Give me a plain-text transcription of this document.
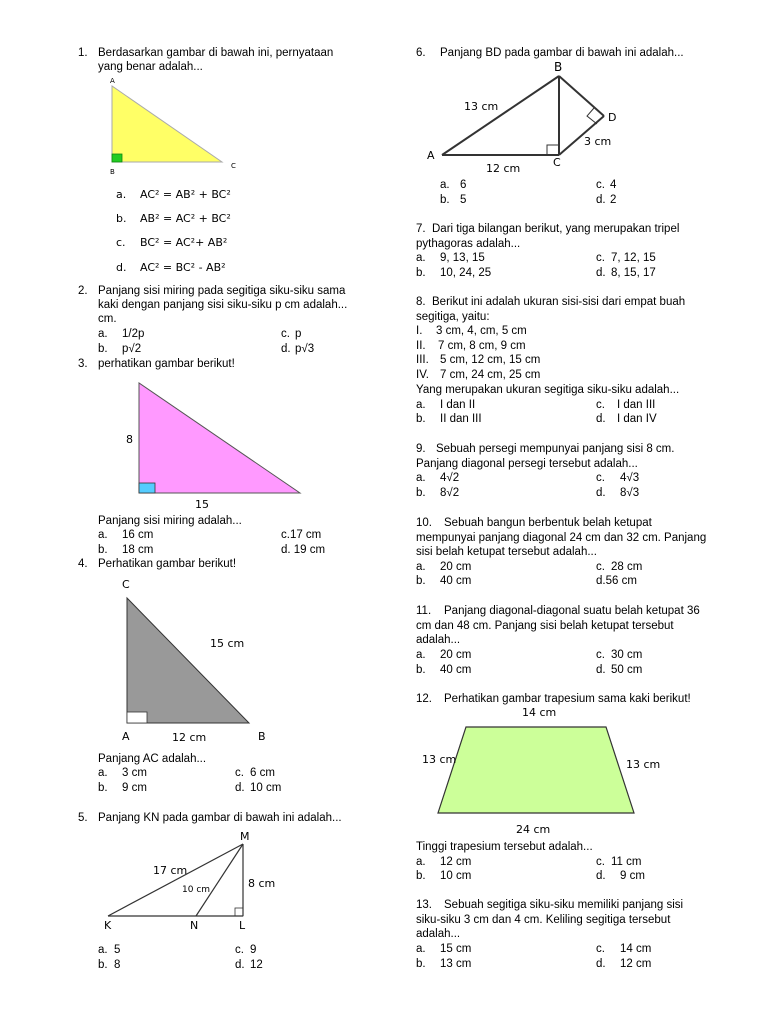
1. Berdasarkan gambar di bawah ini, pernyataan
yang benar adalah...
A
B
C
a. AC² = AB² + BC²
b. AB² = AC² + BC²
c. BC² = AC²+ AB²
d. AC² = BC² - AB²
2. Panjang sisi miring pada segitiga siku-siku sama
kaki dengan panjang sisi siku-siku p cm adalah...
cm.
a. 1/2p	c. p
b. p√2	d. p√3
3. perhatikan gambar berikut!
8
15
Panjang sisi miring adalah...
a. 16 cm	c.17 cm
b. 18 cm	d. 19 cm
4. Perhatikan gambar berikut!
C
15 cm
A	12 cm	B
Panjang AC adalah...
a. 3 cm	c. 6 cm
b. 9 cm	d. 10 cm
5. Panjang KN pada gambar di bawah ini adalah...
M
17 cm
10 cm	8 cm
K	N	L
a. 5	c. 9
b. 8	d. 12
6. Panjang BD pada gambar di bawah ini adalah...
B
13 cm
D
3 cm
A
C
12 cm
a. 6	c. 4
b. 5	d. 2
7. Dari tiga bilangan berikut, yang merupakan tripel
pythagoras adalah...
a. 9, 13, 15	c. 7, 12, 15
b. 10, 24, 25	d. 8, 15, 17
8. Berikut ini adalah ukuran sisi-sisi dari empat buah
segitiga, yaitu:
I. 3 cm, 4, cm, 5 cm
II. 7 cm, 8 cm, 9 cm
III. 5 cm, 12 cm, 15 cm
IV. 7 cm, 24 cm, 25 cm
Yang merupakan ukuran segitiga siku-siku adalah...
a. I dan II	c. I dan III
b. II dan III	d. I dan IV
9. Sebuah persegi mempunyai panjang sisi 8 cm.
Panjang diagonal persegi tersebut adalah...
a. 4√2	c. 4√3
b. 8√2	d. 8√3
10. Sebuah bangun berbentuk belah ketupat
mempunyai panjang diagonal 24 cm dan 32 cm. Panjang
sisi belah ketupat tersebut adalah...
a. 20 cm	c. 28 cm
b. 40 cm	d.56 cm
11. Panjang diagonal-diagonal suatu belah ketupat 36
cm dan 48 cm. Panjang sisi belah ketupat tersebut
adalah...
a. 20 cm	c. 30 cm
b. 40 cm	d. 50 cm
12. Perhatikan gambar trapesium sama kaki berikut!
14 cm
13 cm	13 cm
24 cm
Tinggi trapesium tersebut adalah...
a. 12 cm	c. 11 cm
b. 10 cm	d. 9 cm
13. Sebuah segitiga siku-siku memiliki panjang sisi
siku-siku 3 cm dan 4 cm. Keliling segitiga tersebut
adalah...
a. 15 cm	c. 14 cm
b. 13 cm	d. 12 cm
